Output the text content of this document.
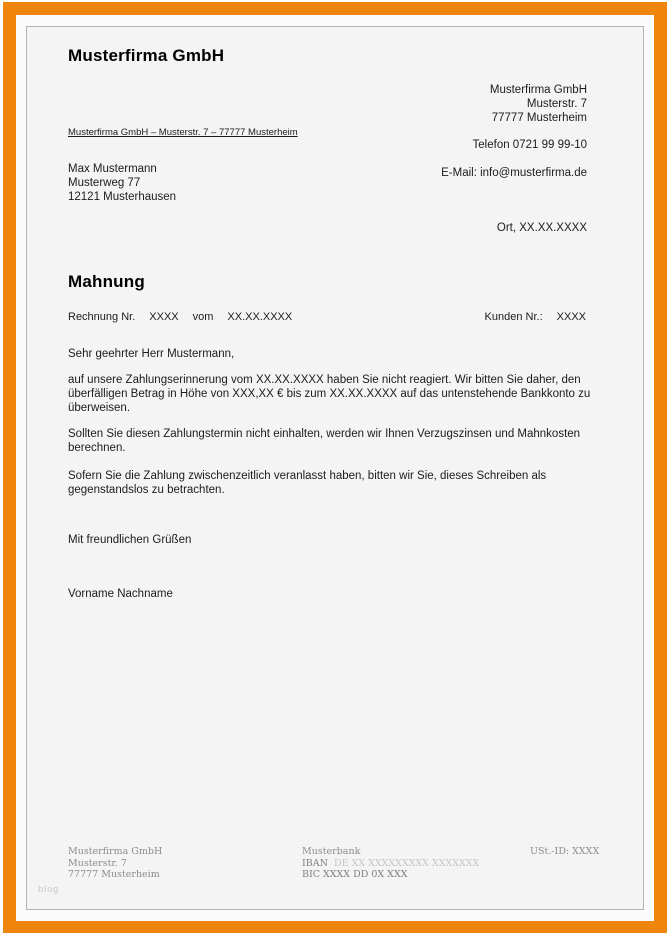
Musterfirma GmbH
Musterfirma GmbH
Musterstr. 7
77777 Musterheim
Telefon 0721 99 99-10
E-Mail: info@musterfirma.de
Musterfirma GmbH – Musterstr. 7 – 77777 Musterheim
Max Mustermann
Musterweg 77
12121 Musterhausen
Ort, XX.XX.XXXX
Mahnung
Rechnung Nr. XXXX vom XX.XX.XXXX	Kunden Nr.: XXXX
Sehr geehrter Herr Mustermann,
auf unsere Zahlungserinnerung vom XX.XX.XXXX haben Sie nicht reagiert. Wir bitten Sie daher, den überfälligen Betrag in Höhe von XXX,XX € bis zum XX.XX.XXXX auf das untenstehende Bankkonto zu überweisen.
Sollten Sie diesen Zahlungstermin nicht einhalten, werden wir Ihnen Verzugszinsen und Mahnkosten berechnen.
Sofern Sie die Zahlung zwischenzeitlich veranlasst haben, bitten wir Sie, dieses Schreiben als gegenstandslos zu betrachten.
Mit freundlichen Grüßen
Vorname Nachname
Musterfirma GmbH
Musterstr. 7
77777 Musterheim
Musterbank
IBAN DE XX XXXXXXXXX XXXXXXX
BIC XXXX DD 0X XXX
USt.-ID: XXXX
blog
